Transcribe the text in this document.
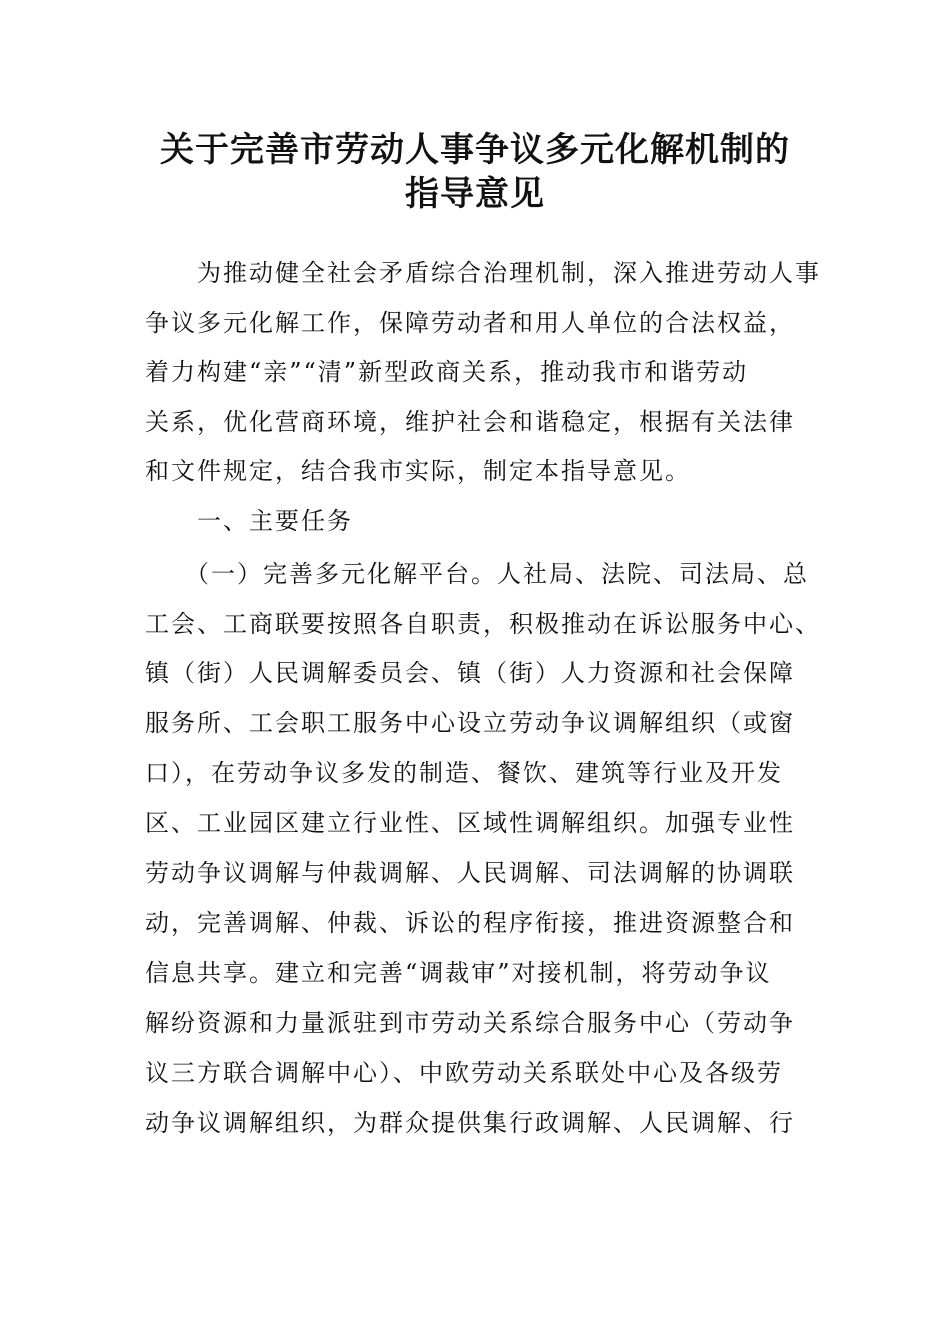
关于完善市劳动人事争议多元化解机制的
指导意见

　　为推动健全社会矛盾综合治理机制，深入推进劳动人事

争议多元化解工作，保障劳动者和用人单位的合法权益，

着力构建“亲”“清”新型政商关系，推动我市和谐劳动

关系，优化营商环境，维护社会和谐稳定，根据有关法律

和文件规定，结合我市实际，制定本指导意见。

　　一、主要任务

　　（一）完善多元化解平台。人社局、法院、司法局、总

工会、工商联要按照各自职责，积极推动在诉讼服务中心、

镇（街）人民调解委员会、镇（街）人力资源和社会保障

服务所、工会职工服务中心设立劳动争议调解组织（或窗

口），在劳动争议多发的制造、餐饮、建筑等行业及开发

区、工业园区建立行业性、区域性调解组织。加强专业性

劳动争议调解与仲裁调解、人民调解、司法调解的协调联

动，完善调解、仲裁、诉讼的程序衔接，推进资源整合和

信息共享。建立和完善“调裁审”对接机制，将劳动争议

解纷资源和力量派驻到市劳动关系综合服务中心（劳动争

议三方联合调解中心）、中欧劳动关系联处中心及各级劳

动争议调解组织，为群众提供集行政调解、人民调解、行
